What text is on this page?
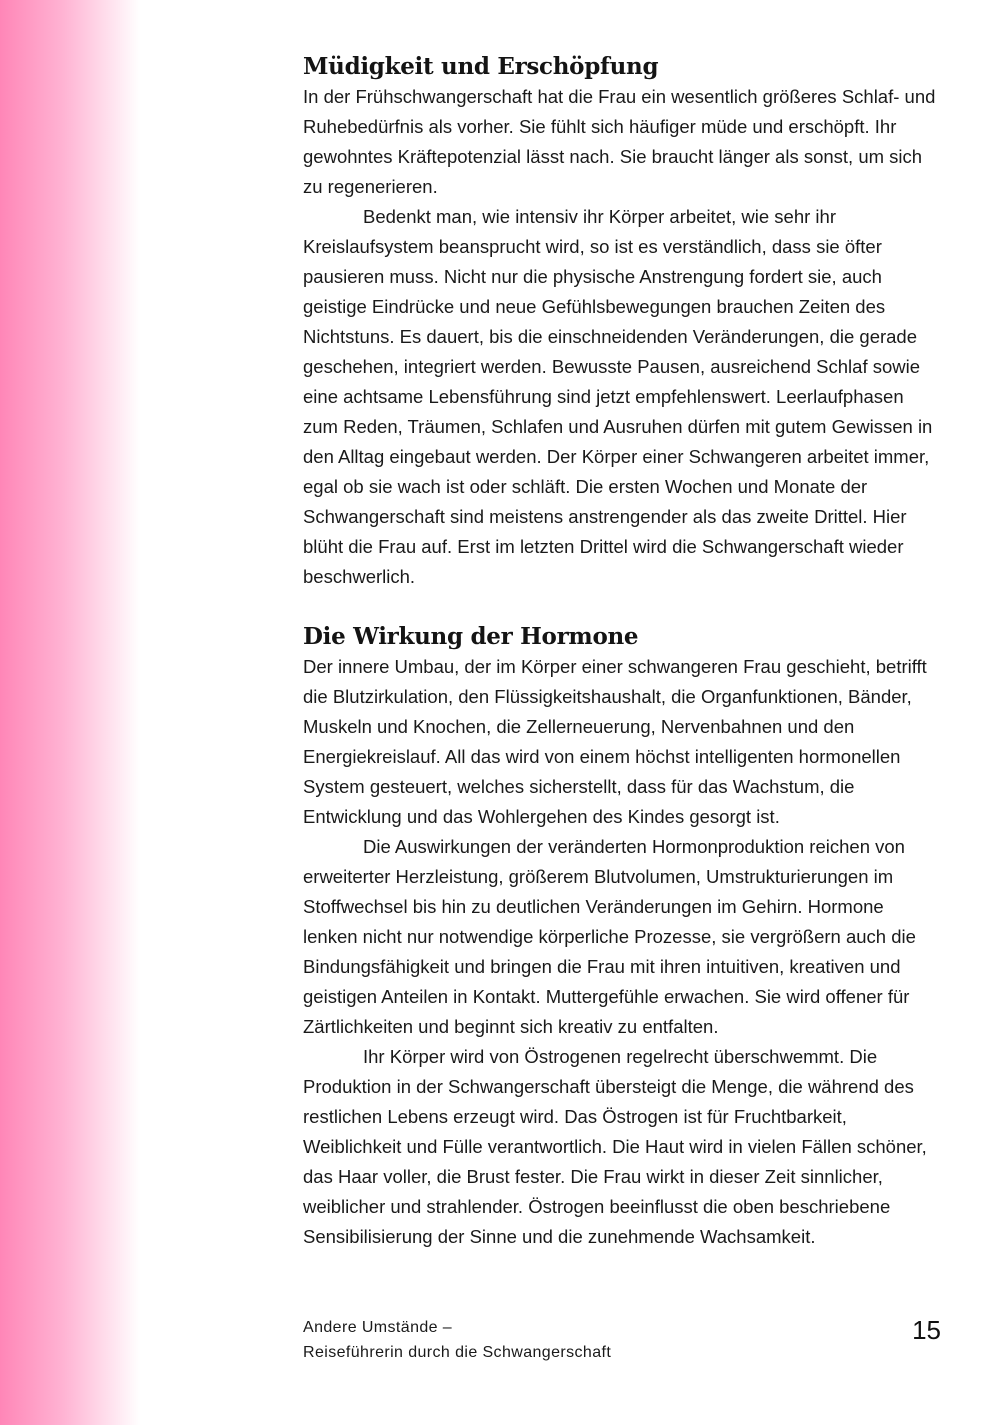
Müdigkeit und Erschöpfung

In der Frühschwangerschaft hat die Frau ein wesentlich größeres Schlaf- und Ruhebedürfnis als vorher. Sie fühlt sich häufiger müde und erschöpft. Ihr gewohntes Kräftepotenzial lässt nach. Sie braucht länger als sonst, um sich zu regenerieren.

Bedenkt man, wie intensiv ihr Körper arbeitet, wie sehr ihr Kreislaufsystem beansprucht wird, so ist es verständlich, dass sie öfter pausieren muss. Nicht nur die physische Anstrengung fordert sie, auch geistige Eindrücke und neue Gefühlsbewegungen brauchen Zeiten des Nichtstuns. Es dauert, bis die einschneidenden Veränderungen, die gerade geschehen, integriert werden. Bewusste Pausen, ausreichend Schlaf sowie eine achtsame Lebensführung sind jetzt empfehlenswert. Leerlaufphasen zum Reden, Träumen, Schlafen und Ausruhen dürfen mit gutem Gewissen in den Alltag eingebaut werden. Der Körper einer Schwangeren arbeitet immer, egal ob sie wach ist oder schläft. Die ersten Wochen und Monate der Schwangerschaft sind meistens anstrengender als das zweite Drittel. Hier blüht die Frau auf. Erst im letzten Drittel wird die Schwangerschaft wieder beschwerlich.

Die Wirkung der Hormone

Der innere Umbau, der im Körper einer schwangeren Frau geschieht, betrifft die Blutzirkulation, den Flüssigkeitshaushalt, die Organfunktionen, Bänder, Muskeln und Knochen, die Zellerneuerung, Nervenbahnen und den Energiekreislauf. All das wird von einem höchst intelligenten hormonellen System gesteuert, welches sicherstellt, dass für das Wachstum, die Entwicklung und das Wohlergehen des Kindes gesorgt ist.

Die Auswirkungen der veränderten Hormonproduktion reichen von erweiterter Herzleistung, größerem Blutvolumen, Umstrukturierungen im Stoffwechsel bis hin zu deutlichen Veränderungen im Gehirn. Hormone lenken nicht nur notwendige körperliche Prozesse, sie vergrößern auch die Bindungsfähigkeit und bringen die Frau mit ihren intuitiven, kreativen und geistigen Anteilen in Kontakt. Muttergefühle erwachen. Sie wird offener für Zärtlichkeiten und beginnt sich kreativ zu entfalten.

Ihr Körper wird von Östrogenen regelrecht überschwemmt. Die Produktion in der Schwangerschaft übersteigt die Menge, die während des restlichen Lebens erzeugt wird. Das Östrogen ist für Fruchtbarkeit, Weiblichkeit und Fülle verantwortlich. Die Haut wird in vielen Fällen schöner, das Haar voller, die Brust fester. Die Frau wirkt in dieser Zeit sinnlicher, weiblicher und strahlender. Östrogen beeinflusst die oben beschriebene Sensibilisierung der Sinne und die zunehmende Wachsamkeit.

Andere Umstände –
Reiseführerin durch die Schwangerschaft
15
